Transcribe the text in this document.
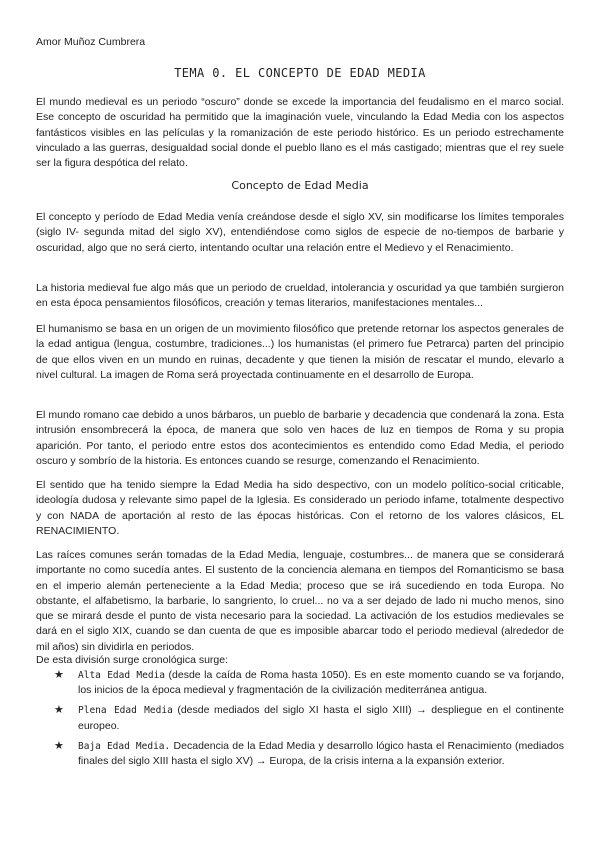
Amor Muñoz Cumbrera
TEMA 0. EL CONCEPTO DE EDAD MEDIA

El mundo medieval es un periodo “oscuro” donde se excede la importancia del feudalismo en el marco social. Ese concepto de oscuridad ha permitido que la imaginación vuele, vinculando la Edad Media con los aspectos fantásticos visibles en las películas y la romanización de este periodo histórico. Es un periodo estrechamente vinculado a las guerras, desigualdad social donde el pueblo llano es el más castigado; mientras que el rey suele ser la figura despótica del relato.

Concepto de Edad Media

El concepto y período de Edad Media venía creándose desde el siglo XV, sin modificarse los límites temporales (siglo IV- segunda mitad del siglo XV), entendiéndose como siglos de especie de no-tiempos de barbarie y oscuridad, algo que no será cierto, intentando ocultar una relación entre el Medievo y el Renacimiento.

La historia medieval fue algo más que un periodo de crueldad, intolerancia y oscuridad ya que también surgieron en esta época pensamientos filosóficos, creación y temas literarios, manifestaciones mentales...

El humanismo se basa en un origen de un movimiento filosófico que pretende retornar los aspectos generales de la edad antigua (lengua, costumbre, tradiciones...) los humanistas (el primero fue Petrarca) parten del principio de que ellos viven en un mundo en ruinas, decadente y que tienen la misión de rescatar el mundo, elevarlo a nivel cultural. La imagen de Roma será proyectada continuamente en el desarrollo de Europa.

El mundo romano cae debido a unos bárbaros, un pueblo de barbarie y decadencia que condenará la zona. Esta intrusión ensombrecerá la época, de manera que solo ven haces de luz en tiempos de Roma y su propia aparición. Por tanto, el periodo entre estos dos acontecimientos es entendido como Edad Media, el periodo oscuro y sombrío de la historia. Es entonces cuando se resurge, comenzando el Renacimiento.

El sentido que ha tenido siempre la Edad Media ha sido despectivo, con un modelo político-social criticable, ideología dudosa y relevante simo papel de la Iglesia. Es considerado un periodo infame, totalmente despectivo y con NADA de aportación al resto de las épocas históricas. Con el retorno de los valores clásicos, EL RENACIMIENTO.

Las raíces comunes serán tomadas de la Edad Media, lenguaje, costumbres... de manera que se considerará importante no como sucedía antes. El sustento de la conciencia alemana en tiempos del Romanticismo se basa en el imperio alemán perteneciente a la Edad Media; proceso que se irá sucediendo en toda Europa. No obstante, el alfabetismo, la barbarie, lo sangriento, lo cruel... no va a ser dejado de lado ni mucho menos, sino que se mirará desde el punto de vista necesario para la sociedad. La activación de los estudios medievales se dará en el siglo XIX, cuando se dan cuenta de que es imposible abarcar todo el periodo medieval (alrededor de mil años) sin dividirla en periodos.

De esta división surge cronológica surge:
★ Alta Edad Media (desde la caída de Roma hasta 1050). Es en este momento cuando se va forjando, los inicios de la época medieval y fragmentación de la civilización mediterránea antigua.
★ Plena Edad Media (desde mediados del siglo XI hasta el siglo XIII) → despliegue en el continente europeo.
★ Baja Edad Media. Decadencia de la Edad Media y desarrollo lógico hasta el Renacimiento (mediados finales del siglo XIII hasta el siglo XV) → Europa, de la crisis interna a la expansión exterior.
